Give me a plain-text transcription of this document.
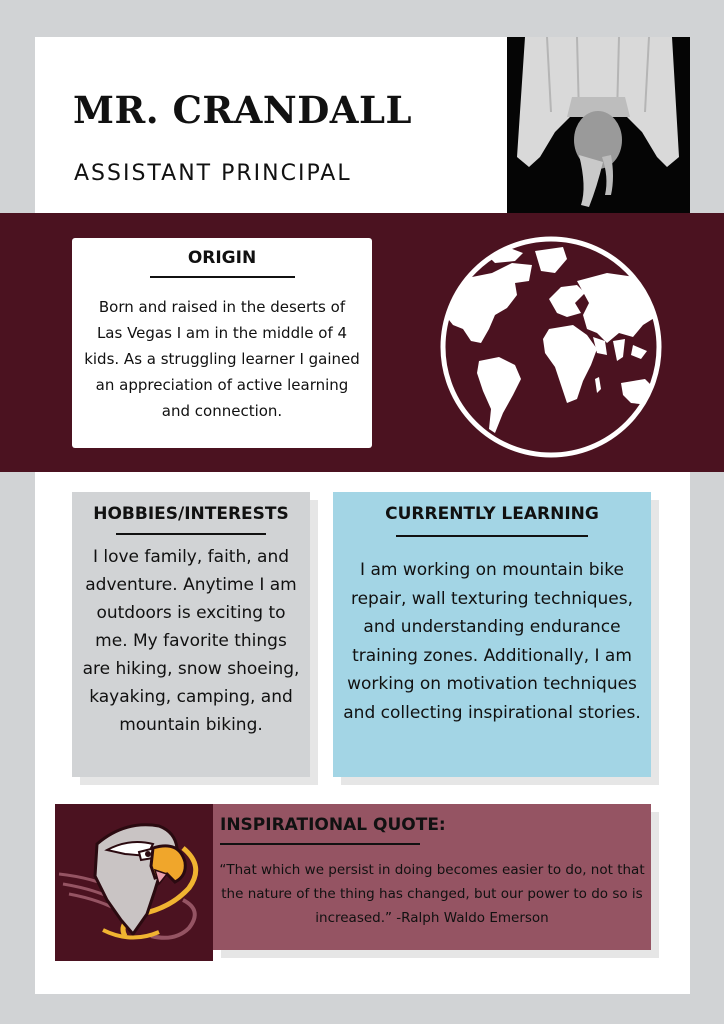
MR. CRANDALL
ASSISTANT PRINCIPAL
ORIGIN

Born and raised in the deserts of Las Vegas I am in the middle of 4 kids. As a struggling learner I gained an appreciation of active learning and connection.

HOBBIES/INTERESTS

I love family, faith, and adventure. Anytime I am outdoors is exciting to me. My favorite things are hiking, snow shoeing, kayaking, camping, and mountain biking.

CURRENTLY LEARNING

I am working on mountain bike repair, wall texturing techniques, and understanding endurance training zones. Additionally, I am working on motivation techniques and collecting inspirational stories.

INSPIRATIONAL QUOTE:
“That which we persist in doing becomes easier to do, not that the nature of the thing has changed, but our power to do so is increased.” -Ralph Waldo Emerson
